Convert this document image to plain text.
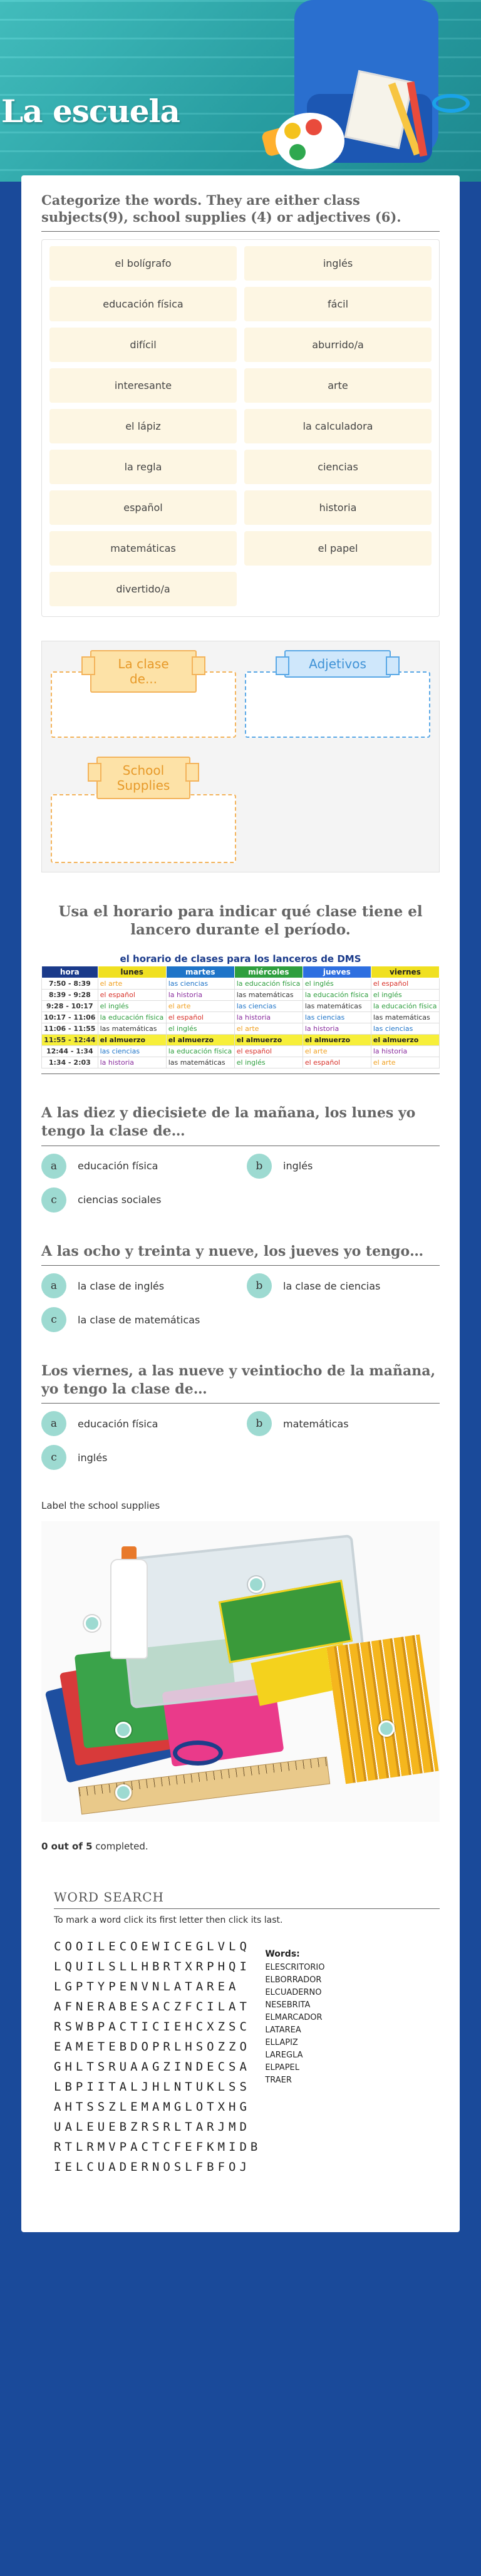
La escuela
Categorize the words. They are either class subjects(9), school supplies (4) or adjectives (6).
el bolígrafo	inglés
educación física	fácil
difícil	aburrido/a
interesante	arte
el lápiz	la calculadora
la regla	ciencias
español	historia
matemáticas	el papel
divertido/a
La clase de...
Adjetivos
School Supplies
Usa el horario para indicar qué clase tiene el lancero durante el período.
el horario de clases para los lanceros de DMS
hora	lunes	martes	miércoles	jueves	viernes
7:50 - 8:39	el arte	las ciencias	la educación física	el inglés	el español
8:39 - 9:28	el español	la historia	las matemáticas	la educación física	el inglés
9:28 - 10:17	el inglés	el arte	las ciencias	las matemáticas	la educación física
10:17 - 11:06	la educación física	el español	la historia	las ciencias	las matemáticas
11:06 - 11:55	las matemáticas	el inglés	el arte	la historia	las ciencias
11:55 - 12:44	el almuerzo	el almuerzo	el almuerzo	el almuerzo	el almuerzo
12:44 - 1:34	las ciencias	la educación física	el español	el arte	la historia
1:34 - 2:03	la historia	las matemáticas	el inglés	el español	el arte
A las diez y diecisiete de la mañana, los lunes yo tengo la clase de…
a	educación física	b	inglés
c	ciencias sociales
A las ocho y treinta y nueve, los jueves yo tengo…
a	la clase de inglés	b	la clase de ciencias
c	la clase de matemáticas
Los viernes, a las nueve y veintiocho de la mañana, yo tengo la clase de…
a	educación física	b	matemáticas
c	inglés
Label the school supplies
0 out of 5 completed.
WORD SEARCH
To mark a word click its first letter then click its last.
COOILECOEWICEGLVLQ
LQUILSLLHBRTXRPHQI
LGPTYPENVNLATAREA
AFNERABESACZFCILAT
RSWBPACTICIEHCXZSC
EAMETEBDOPRLHSOZZO
GHLTSRUAAGZINDECSA
LBPIITALJHLNTUKLSS
AHTSSZLEMAMGLOTXHG
UALEUEBZRSRLTARJMD
RTLRMVPACTCFEFKMIDB
IELCUADERNOSLFBFOJ
Words:
ELESCRITORIO
ELBORRADOR
ELCUADERNO
NESEBRITA
ELMARCADOR
LATAREA
ELLAPIZ
LAREGLA
ELPAPEL
TRAER
